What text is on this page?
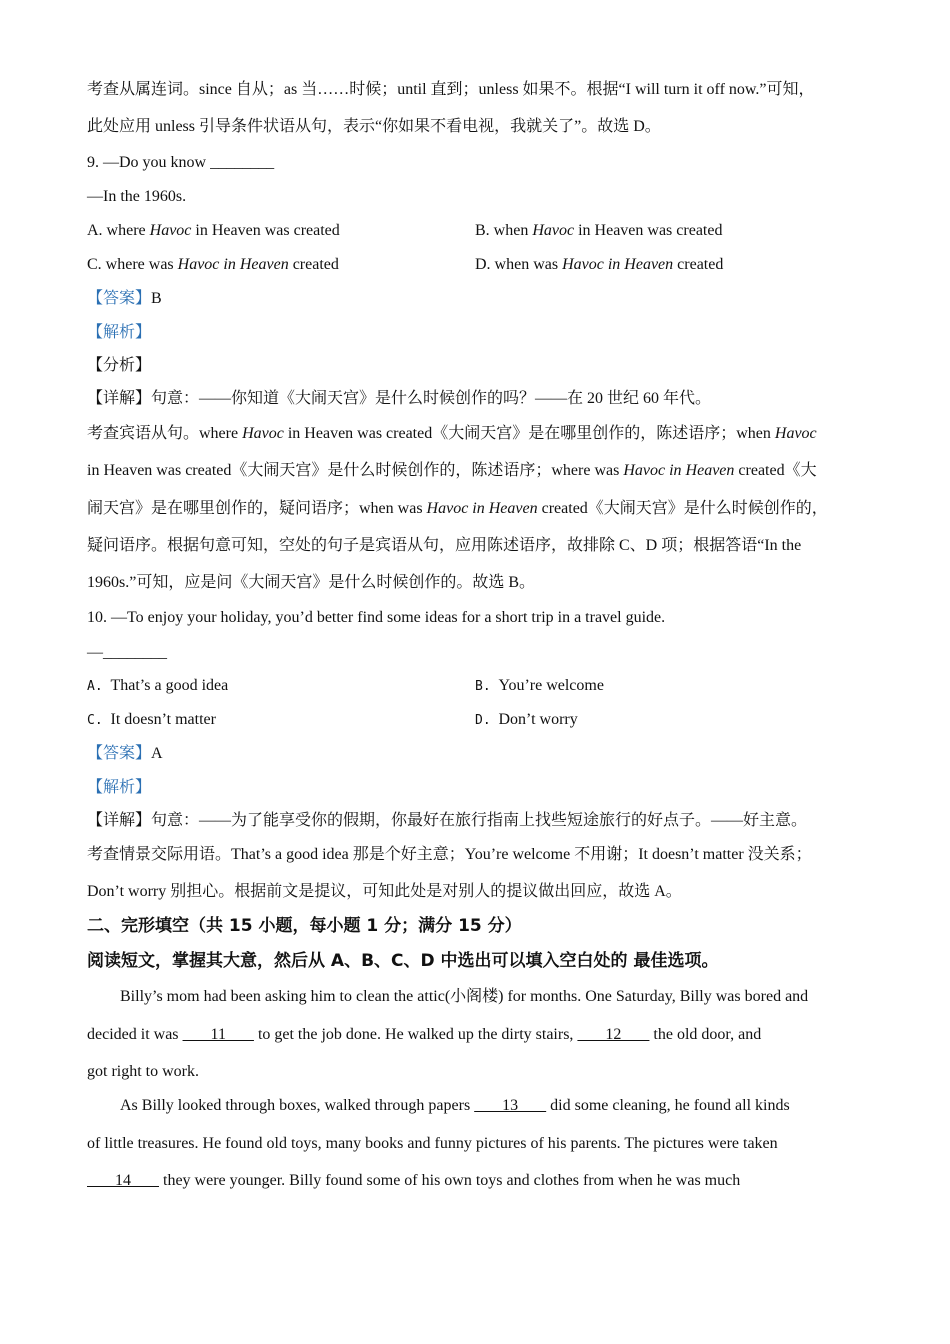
考查从属连词。since 自从；as 当……时候；until 直到；unless 如果不。根据“I will turn it off now.”可知，
此处应用 unless 引导条件状语从句，表示“你如果不看电视，我就关了”。故选 D。
9. —Do you know ________
—In the 1960s.
A. where Havoc in Heaven was created	B. when Havoc in Heaven was created
C. where was Havoc in Heaven created	D. when was Havoc in Heaven created
【答案】B
【解析】
【分析】
【详解】句意：——你知道《大闹天宫》是什么时候创作的吗？——在 20 世纪 60 年代。
考查宾语从句。where Havoc in Heaven was created《大闹天宫》是在哪里创作的，陈述语序；when Havoc
in Heaven was created《大闹天宫》是什么时候创作的，陈述语序；where was Havoc in Heaven created《大
闹天宫》是在哪里创作的，疑问语序；when was Havoc in Heaven created《大闹天宫》是什么时候创作的，
疑问语序。根据句意可知，空处的句子是宾语从句，应用陈述语序，故排除 C、D 项；根据答语“In the
1960s.”可知，应是问《大闹天宫》是什么时候创作的。故选 B。
10. —To enjoy your holiday, you’d better find some ideas for a short trip in a travel guide.
—________
A. That’s a good idea	B. You’re welcome
C. It doesn’t matter	D. Don’t worry
【答案】A
【解析】
【详解】句意：——为了能享受你的假期，你最好在旅行指南上找些短途旅行的好点子。——好主意。
考查情景交际用语。That’s a good idea 那是个好主意；You’re welcome 不用谢；It doesn’t matter 没关系；
Don’t worry 别担心。根据前文是提议，可知此处是对别人的提议做出回应，故选 A。
二、完形填空（共 15 小题，每小题 1 分；满分 15 分）
阅读短文，掌握其大意，然后从 A、B、C、D 中选出可以填入空白处的 最佳选项。
Billy’s mom had been asking him to clean the attic(小阁楼) for months. One Saturday, Billy was bored and
decided it was        11        to get the job done. He walked up the dirty stairs,        12        the old door, and
got right to work.
As Billy looked through boxes, walked through papers        13        did some cleaning, he found all kinds
of little treasures. He found old toys, many books and funny pictures of his parents. The pictures were taken
14        they were younger. Billy found some of his own toys and clothes from when he was much
